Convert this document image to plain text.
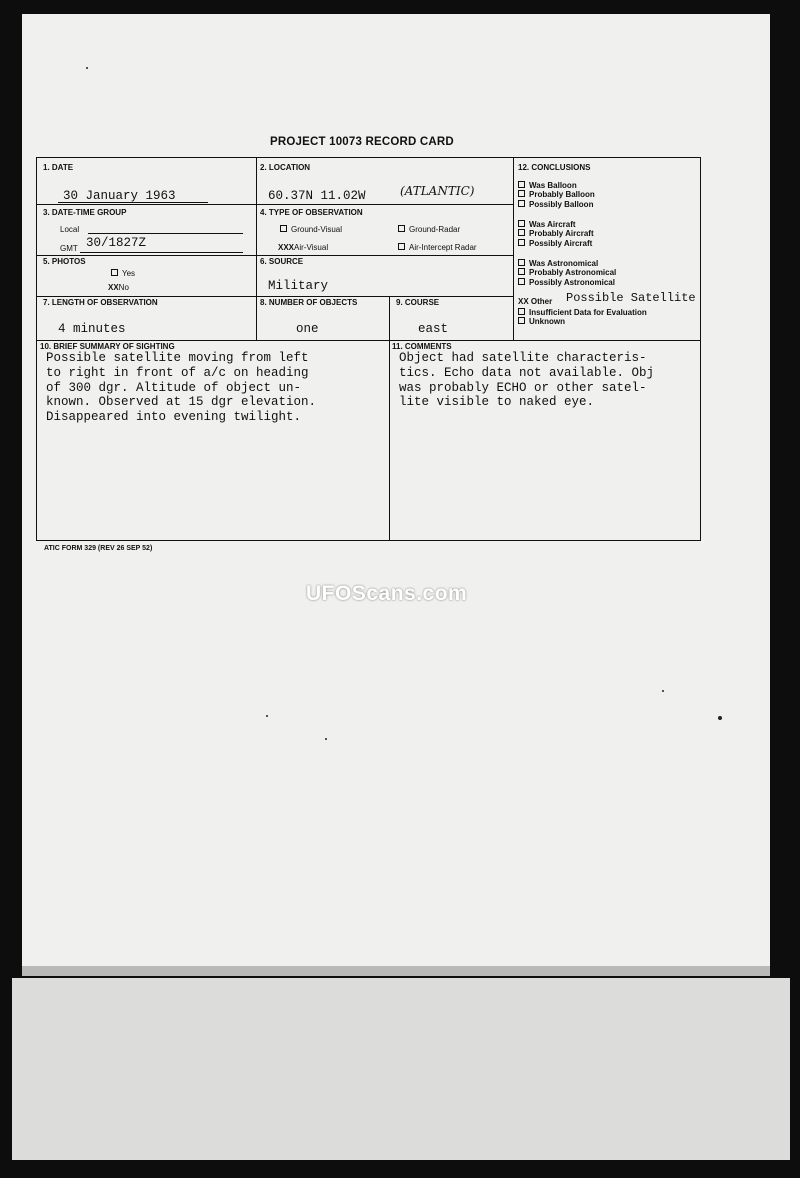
PROJECT 10073 RECORD CARD
1. DATE
30 January 1963
2. LOCATION
60.37N 11.02W	(ATLANTIC)
3. DATE-TIME GROUP
Local
GMT 30/1827Z
4. TYPE OF OBSERVATION
Ground-Visual	Ground-Radar
XXXAir-Visual	Air-Intercept Radar
5. PHOTOS
Yes
XXNo
6. SOURCE
Military
7. LENGTH OF OBSERVATION
4 minutes
8. NUMBER OF OBJECTS
one
9. COURSE
east
10. BRIEF SUMMARY OF SIGHTING
Possible satellite moving from left
to right in front of a/c on heading
of 300 dgr. Altitude of object un-
known. Observed at 15 dgr elevation.
Disappeared into evening twilight.
11. COMMENTS
Object had satellite characteris-
tics. Echo data not available. Obj
was probably ECHO or other satel-
lite visible to naked eye.
12. CONCLUSIONS
Was Balloon
Probably Balloon
Possibly Balloon
Was Aircraft
Probably Aircraft
Possibly Aircraft
Was Astronomical
Probably Astronomical
Possibly Astronomical
XX Other Possible Satellite
Insufficient Data for Evaluation
Unknown
ATIC FORM 329 (REV 26 SEP 52)
UFOScans.com
